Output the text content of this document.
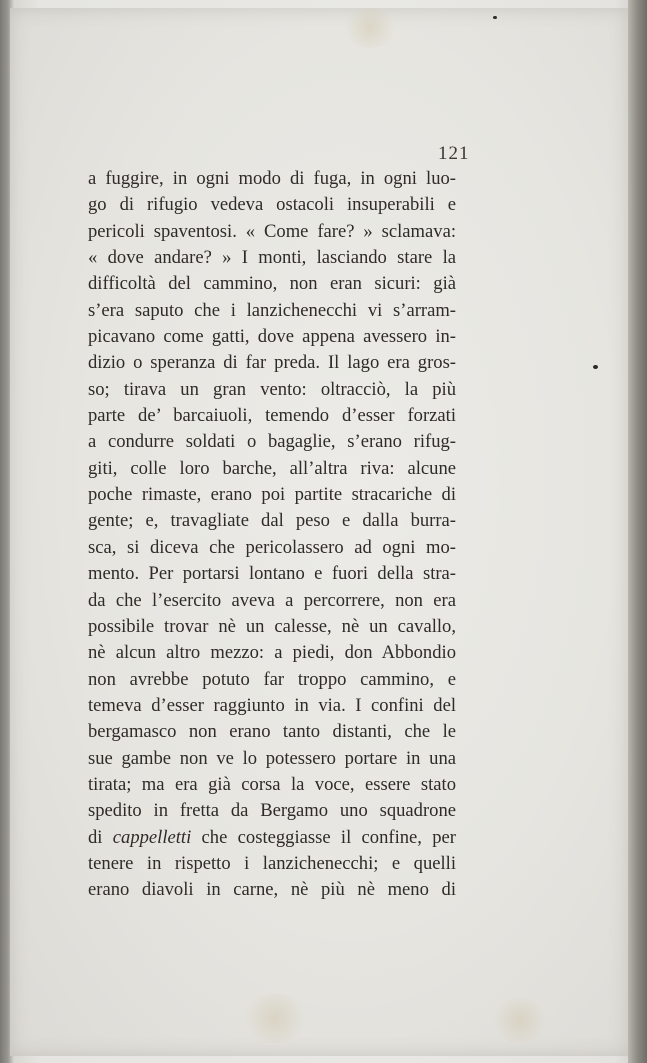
121
a fuggire, in ogni modo di fuga, in ogni luo-
go di rifugio vedeva ostacoli insuperabili e
pericoli spaventosi. « Come fare? » sclamava:
« dove andare? » I monti, lasciando stare la
difficoltà del cammino, non eran sicuri: già
s’era saputo che i lanzichenecchi vi s’arram-
picavano come gatti, dove appena avessero in-
dizio o speranza di far preda. Il lago era gros-
so; tirava un gran vento: oltracciò, la più
parte de’ barcaiuoli, temendo d’esser forzati
a condurre soldati o bagaglie, s’erano rifug-
giti, colle loro barche, all’altra riva: alcune
poche rimaste, erano poi partite stracariche di
gente; e, travagliate dal peso e dalla burra-
sca, si diceva che pericolassero ad ogni mo-
mento. Per portarsi lontano e fuori della stra-
da che l’esercito aveva a percorrere, non era
possibile trovar nè un calesse, nè un cavallo,
nè alcun altro mezzo: a piedi, don Abbondio
non avrebbe potuto far troppo cammino, e
temeva d’esser raggiunto in via. I confini del
bergamasco non erano tanto distanti, che le
sue gambe non ve lo potessero portare in una
tirata; ma era già corsa la voce, essere stato
spedito in fretta da Bergamo uno squadrone
di cappelletti che costeggiasse il confine, per
tenere in rispetto i lanzichenecchi; e quelli
erano diavoli in carne, nè più nè meno di
